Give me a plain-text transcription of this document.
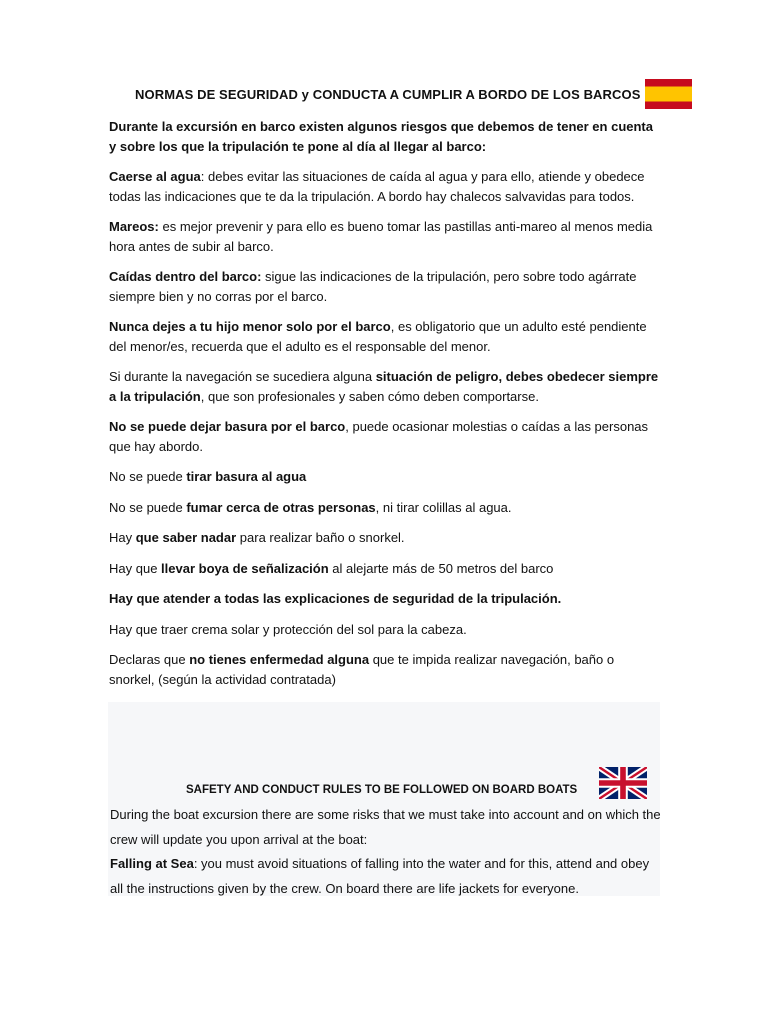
NORMAS DE SEGURIDAD y CONDUCTA A CUMPLIR A BORDO DE LOS BARCOS

Durante la excursión en barco existen algunos riesgos que debemos de tener en cuenta y sobre los que la tripulación te pone al día al llegar al barco:

Caerse al agua: debes evitar las situaciones de caída al agua y para ello, atiende y obedece todas las indicaciones que te da la tripulación. A bordo hay chalecos salvavidas para todos.

Mareos: es mejor prevenir y para ello es bueno tomar las pastillas anti-mareo al menos media hora antes de subir al barco.

Caídas dentro del barco: sigue las indicaciones de la tripulación, pero sobre todo agárrate siempre bien y no corras por el barco.

Nunca dejes a tu hijo menor solo por el barco, es obligatorio que un adulto esté pendiente del menor/es, recuerda que el adulto es el responsable del menor.

Si durante la navegación se sucediera alguna situación de peligro, debes obedecer siempre a la tripulación, que son profesionales y saben cómo deben comportarse.

No se puede dejar basura por el barco, puede ocasionar molestias o caídas a las personas que hay abordo.

No se puede tirar basura al agua

No se puede fumar cerca de otras personas, ni tirar colillas al agua.

Hay que saber nadar para realizar baño o snorkel.

Hay que llevar boya de señalización al alejarte más de 50 metros del barco

Hay que atender a todas las explicaciones de seguridad de la tripulación.

Hay que traer crema solar y protección del sol para la cabeza.

Declaras que no tienes enfermedad alguna que te impida realizar navegación, baño o snorkel, (según la actividad contratada)

SAFETY AND CONDUCT RULES TO BE FOLLOWED ON BOARD BOATS

During the boat excursion there are some risks that we must take into account and on which the crew will update you upon arrival at the boat:

Falling at Sea: you must avoid situations of falling into the water and for this, attend and obey all the instructions given by the crew. On board there are life jackets for everyone.
